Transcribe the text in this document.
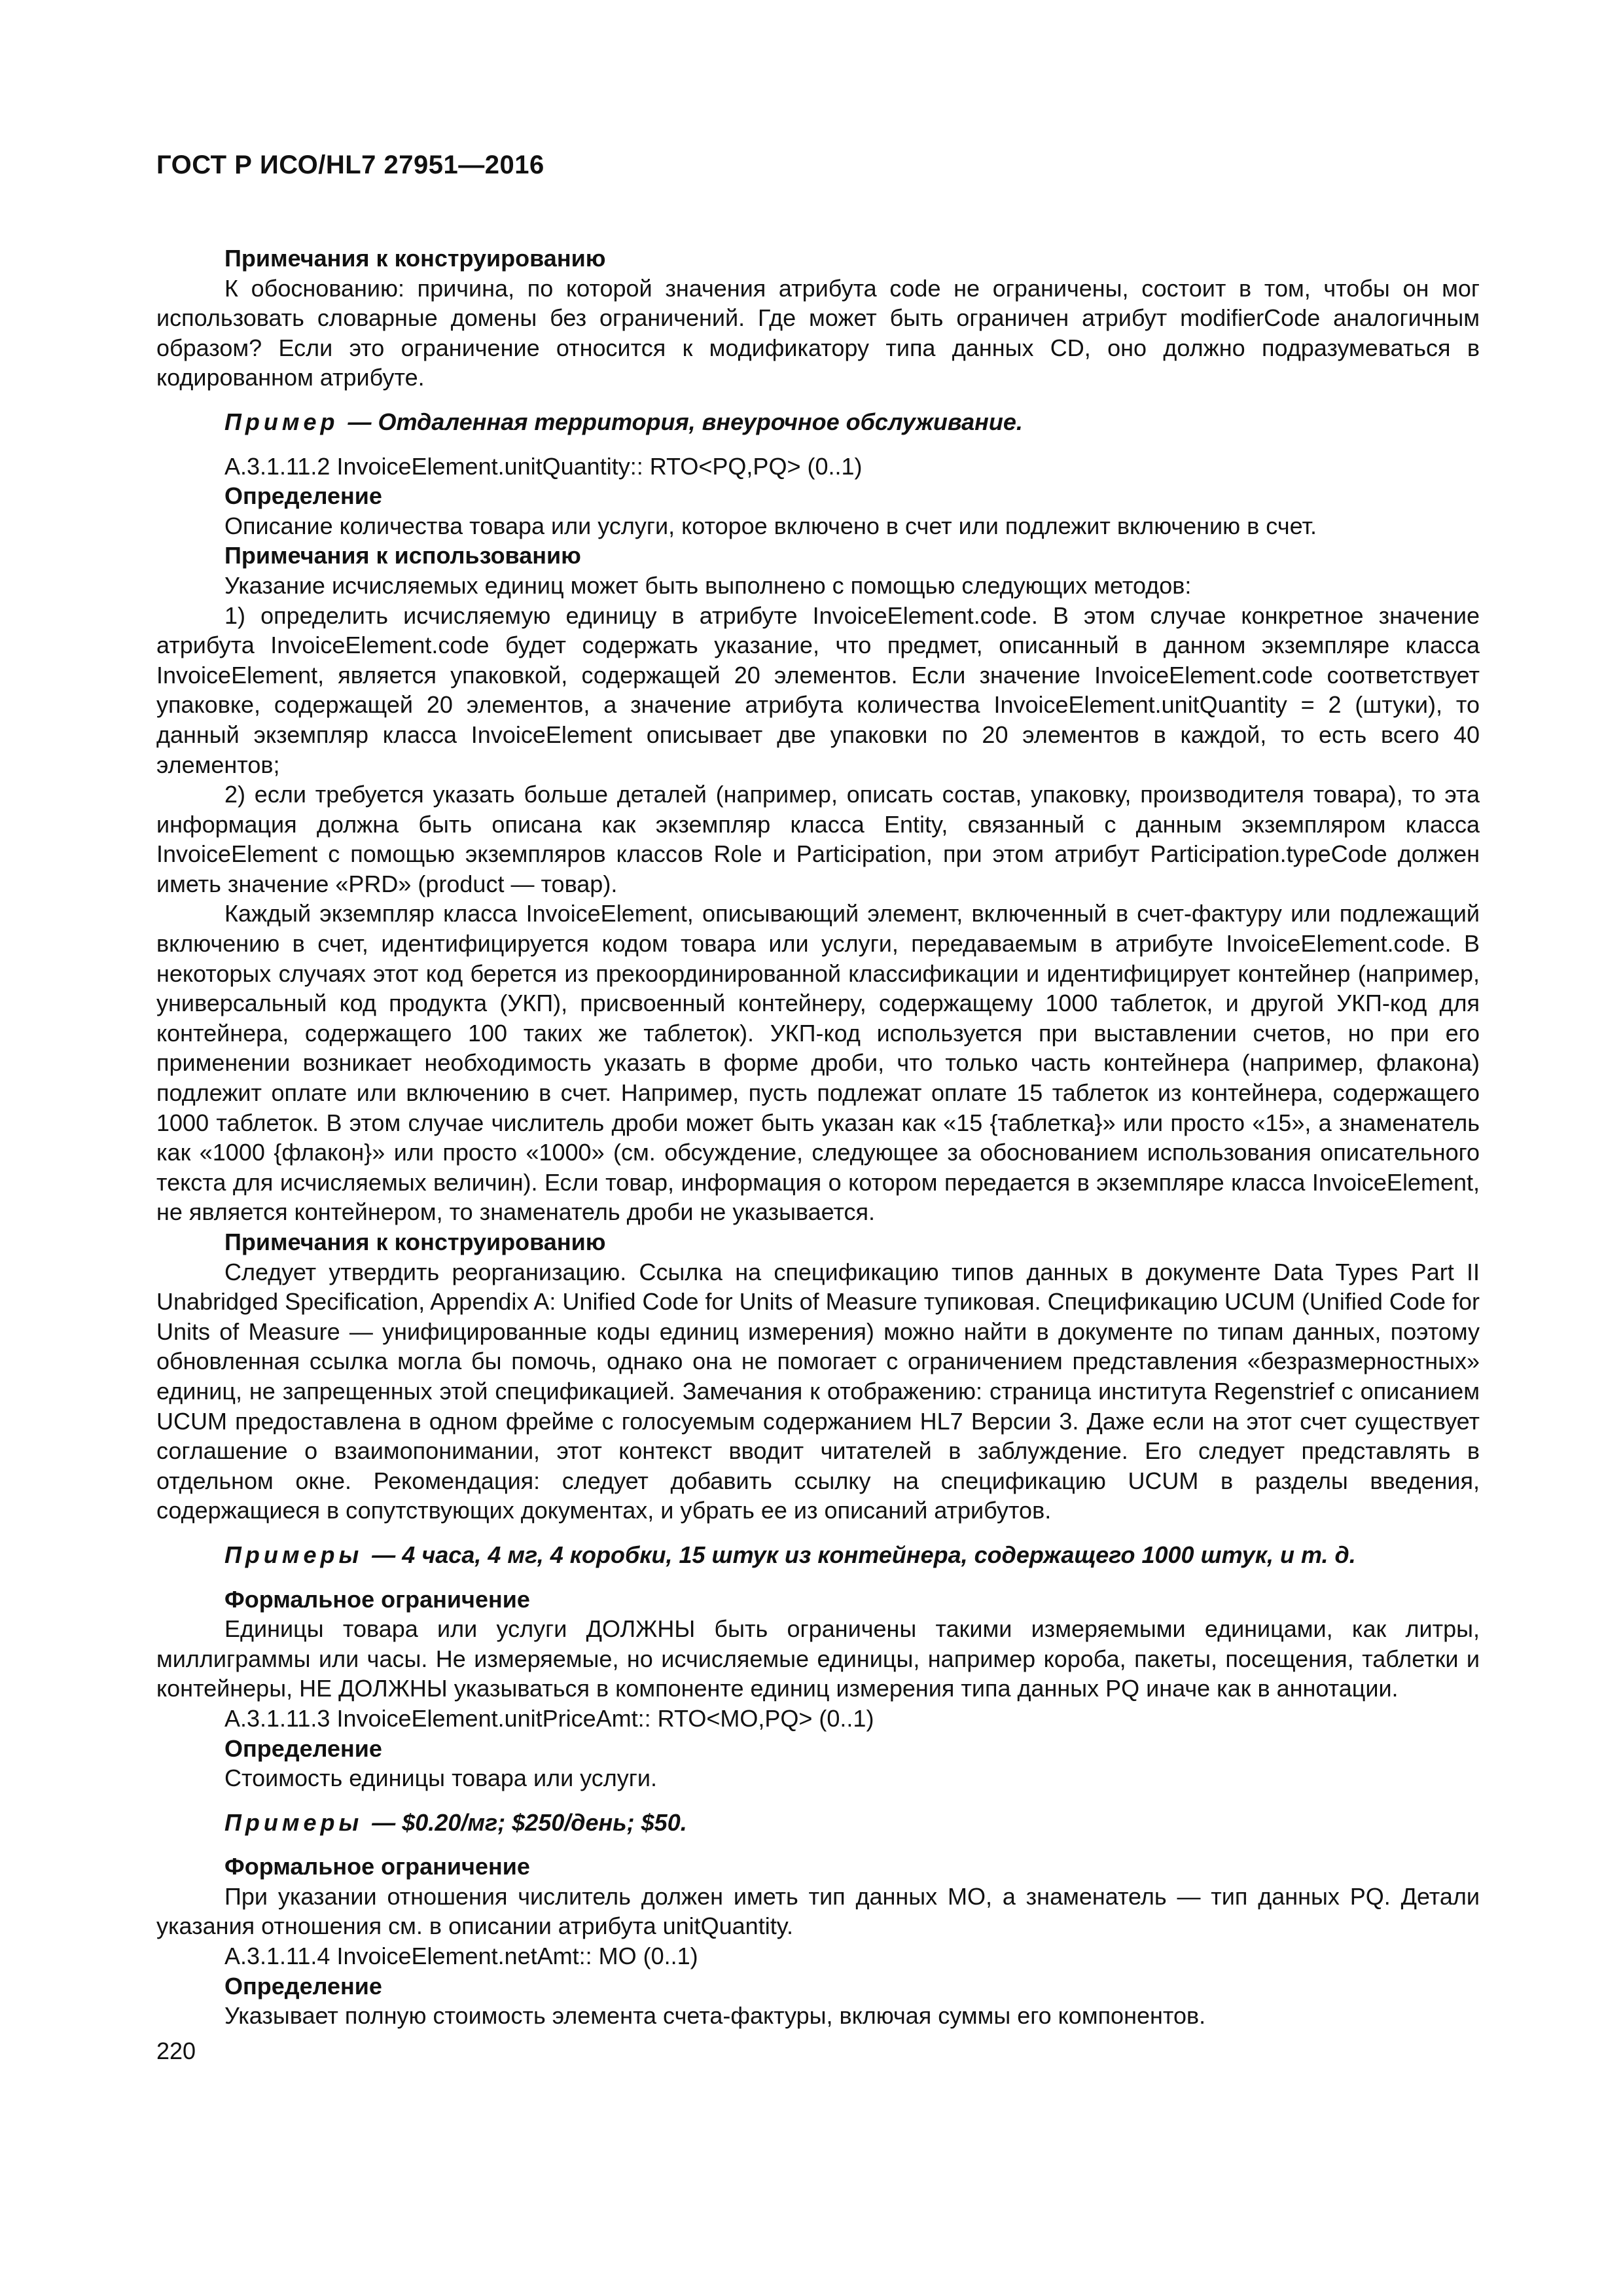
ГОСТ Р ИСО/HL7 27951—2016
Примечания к конструированию
К обоснованию: причина, по которой значения атрибута code не ограничены, состоит в том, чтобы он мог использовать словарные домены без ограничений. Где может быть ограничен атрибут modifierCode аналогичным образом? Если это ограничение относится к модификатору типа данных CD, оно должно подразумеваться в кодированном атрибуте.
Пример — Отдаленная территория, внеурочное обслуживание.
А.3.1.11.2 InvoiceElement.unitQuantity:: RTO<PQ,PQ> (0..1)
Определение
Описание количества товара или услуги, которое включено в счет или подлежит включению в счет.
Примечания к использованию
Указание исчисляемых единиц может быть выполнено с помощью следующих методов:
1) определить исчисляемую единицу в атрибуте InvoiceElement.code. В этом случае конкретное значение атрибута InvoiceElement.code будет содержать указание, что предмет, описанный в данном экземпляре класса InvoiceElement, является упаковкой, содержащей 20 элементов. Если значение InvoiceElement.code соответствует упаковке, содержащей 20 элементов, а значение атрибута количества InvoiceElement.unitQuantity = 2 (штуки), то данный экземпляр класса InvoiceElement описывает две упаковки по 20 элементов в каждой, то есть всего 40 элементов;
2) если требуется указать больше деталей (например, описать состав, упаковку, производителя товара), то эта информация должна быть описана как экземпляр класса Entity, связанный с данным экземпляром класса InvoiceElement с помощью экземпляров классов Role и Participation, при этом атрибут Participation.typeCode должен иметь значение «PRD» (product — товар).
Каждый экземпляр класса InvoiceElement, описывающий элемент, включенный в счет-фактуру или подлежащий включению в счет, идентифицируется кодом товара или услуги, передаваемым в атрибуте InvoiceElement.code. В некоторых случаях этот код берется из прекоординированной классификации и идентифицирует контейнер (например, универсальный код продукта (УКП), присвоенный контейнеру, содержащему 1000 таблеток, и другой УКП-код для контейнера, содержащего 100 таких же таблеток). УКП-код используется при выставлении счетов, но при его применении возникает необходимость указать в форме дроби, что только часть контейнера (например, флакона) подлежит оплате или включению в счет. Например, пусть подлежат оплате 15 таблеток из контейнера, содержащего 1000 таблеток. В этом случае числитель дроби может быть указан как «15 {таблетка}» или просто «15», а знаменатель как «1000 {флакон}» или просто «1000» (см. обсуждение, следующее за обоснованием использования описательного текста для исчисляемых величин). Если товар, информация о котором передается в экземпляре класса InvoiceElement, не является контейнером, то знаменатель дроби не указывается.
Примечания к конструированию
Следует утвердить реорганизацию. Ссылка на спецификацию типов данных в документе Data Types Part II Unabridged Specification, Appendix A: Unified Code for Units of Measure тупиковая. Спецификацию UCUM (Unified Code for Units of Measure — унифицированные коды единиц измерения) можно найти в документе по типам данных, поэтому обновленная ссылка могла бы помочь, однако она не помогает с ограничением представления «безразмерностных» единиц, не запрещенных этой спецификацией. Замечания к отображению: страница института Regenstrief с описанием UCUM предоставлена в одном фрейме с голосуемым содержанием HL7 Версии 3. Даже если на этот счет существует соглашение о взаимопонимании, этот контекст вводит читателей в заблуждение. Его следует представлять в отдельном окне. Рекомендация: следует добавить ссылку на спецификацию UCUM в разделы введения, содержащиеся в сопутствующих документах, и убрать ее из описаний атрибутов.
Примеры — 4 часа, 4 мг, 4 коробки, 15 штук из контейнера, содержащего 1000 штук, и т. д.
Формальное ограничение
Единицы товара или услуги ДОЛЖНЫ быть ограничены такими измеряемыми единицами, как литры, миллиграммы или часы. Не измеряемые, но исчисляемые единицы, например короба, пакеты, посещения, таблетки и контейнеры, НЕ ДОЛЖНЫ указываться в компоненте единиц измерения типа данных PQ иначе как в аннотации.
А.3.1.11.3 InvoiceElement.unitPriceAmt:: RTO<MO,PQ> (0..1)
Определение
Стоимость единицы товара или услуги.
Примеры — $0.20/мг; $250/день; $50.
Формальное ограничение
При указании отношения числитель должен иметь тип данных MO, а знаменатель — тип данных PQ. Детали указания отношения см. в описании атрибута unitQuantity.
А.3.1.11.4 InvoiceElement.netAmt:: MO (0..1)
Определение
Указывает полную стоимость элемента счета-фактуры, включая суммы его компонентов.
220
